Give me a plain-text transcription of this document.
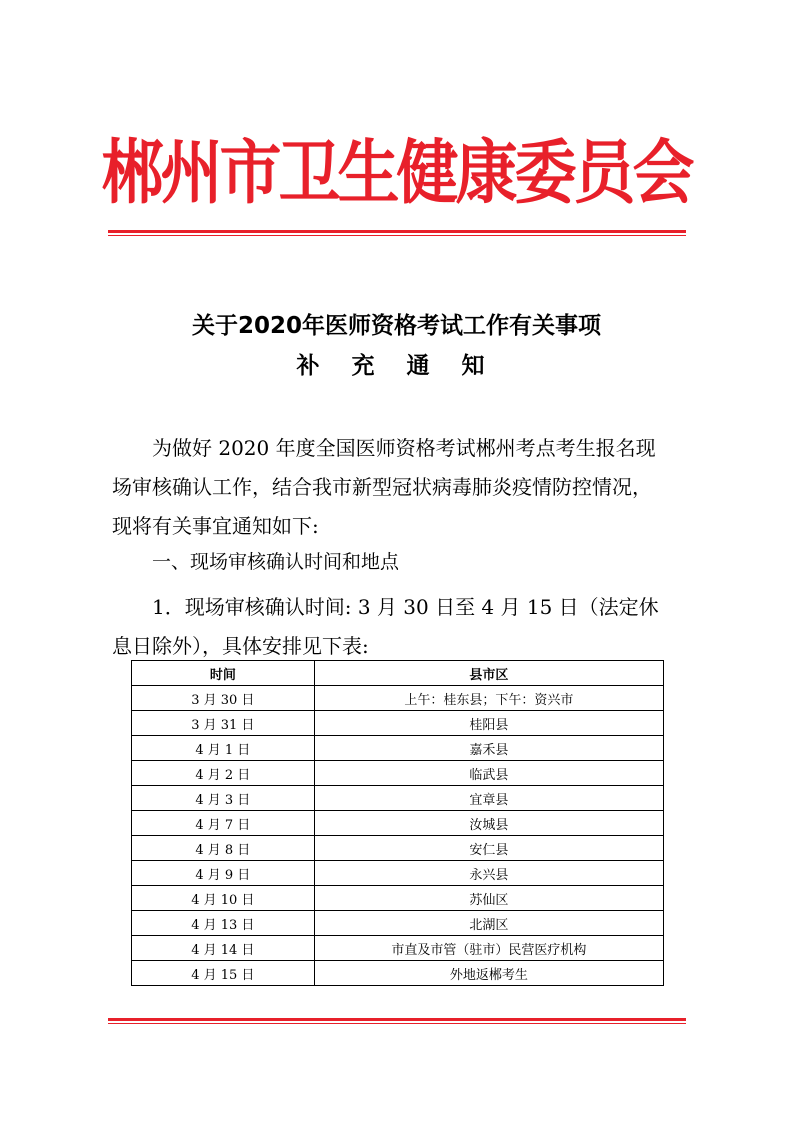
郴州市卫生健康委员会
关于2020年医师资格考试工作有关事项
补 充 通 知

为做好 2020 年度全国医师资格考试郴州考点考生报名现

场审核确认工作，结合我市新型冠状病毒肺炎疫情防控情况，

现将有关事宜通知如下:

一、现场审核确认时间和地点

1．现场审核确认时间: 3 月 30 日至 4 月 15 日（法定休

息日除外），具体安排见下表:

时间	县市区
3 月 30 日	上午：桂东县；下午：资兴市
3 月 31 日	桂阳县
4 月 1 日	嘉禾县
4 月 2 日	临武县
4 月 3 日	宜章县
4 月 7 日	汝城县
4 月 8 日	安仁县
4 月 9 日	永兴县
4 月 10 日	苏仙区
4 月 13 日	北湖区
4 月 14 日	市直及市管（驻市）民营医疗机构
4 月 15 日	外地返郴考生
